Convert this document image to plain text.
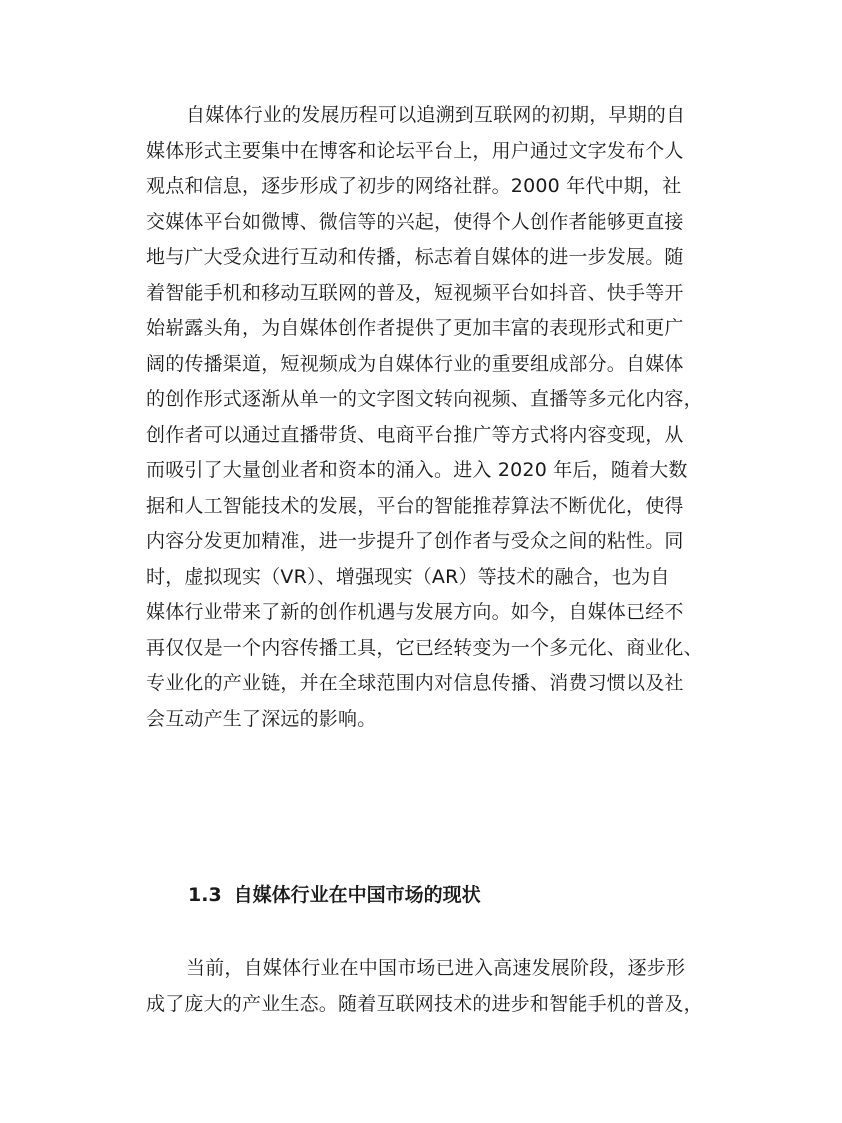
自媒体行业的发展历程可以追溯到互联网的初期，早期的自
媒体形式主要集中在博客和论坛平台上，用户通过文字发布个人
观点和信息，逐步形成了初步的网络社群。2000 年代中期，社
交媒体平台如微博、微信等的兴起，使得个人创作者能够更直接
地与广大受众进行互动和传播，标志着自媒体的进一步发展。随
着智能手机和移动互联网的普及，短视频平台如抖音、快手等开
始崭露头角，为自媒体创作者提供了更加丰富的表现形式和更广
阔的传播渠道，短视频成为自媒体行业的重要组成部分。自媒体
的创作形式逐渐从单一的文字图文转向视频、直播等多元化内容，
创作者可以通过直播带货、电商平台推广等方式将内容变现，从
而吸引了大量创业者和资本的涌入。进入 2020 年后，随着大数
据和人工智能技术的发展，平台的智能推荐算法不断优化，使得
内容分发更加精准，进一步提升了创作者与受众之间的粘性。同
时，虚拟现实（VR）、增强现实（AR）等技术的融合，也为自
媒体行业带来了新的创作机遇与发展方向。如今，自媒体已经不
再仅仅是一个内容传播工具，它已经转变为一个多元化、商业化、
专业化的产业链，并在全球范围内对信息传播、消费习惯以及社
会互动产生了深远的影响。

1.3 自媒体行业在中国市场的现状

当前，自媒体行业在中国市场已进入高速发展阶段，逐步形
成了庞大的产业生态。随着互联网技术的进步和智能手机的普及，
